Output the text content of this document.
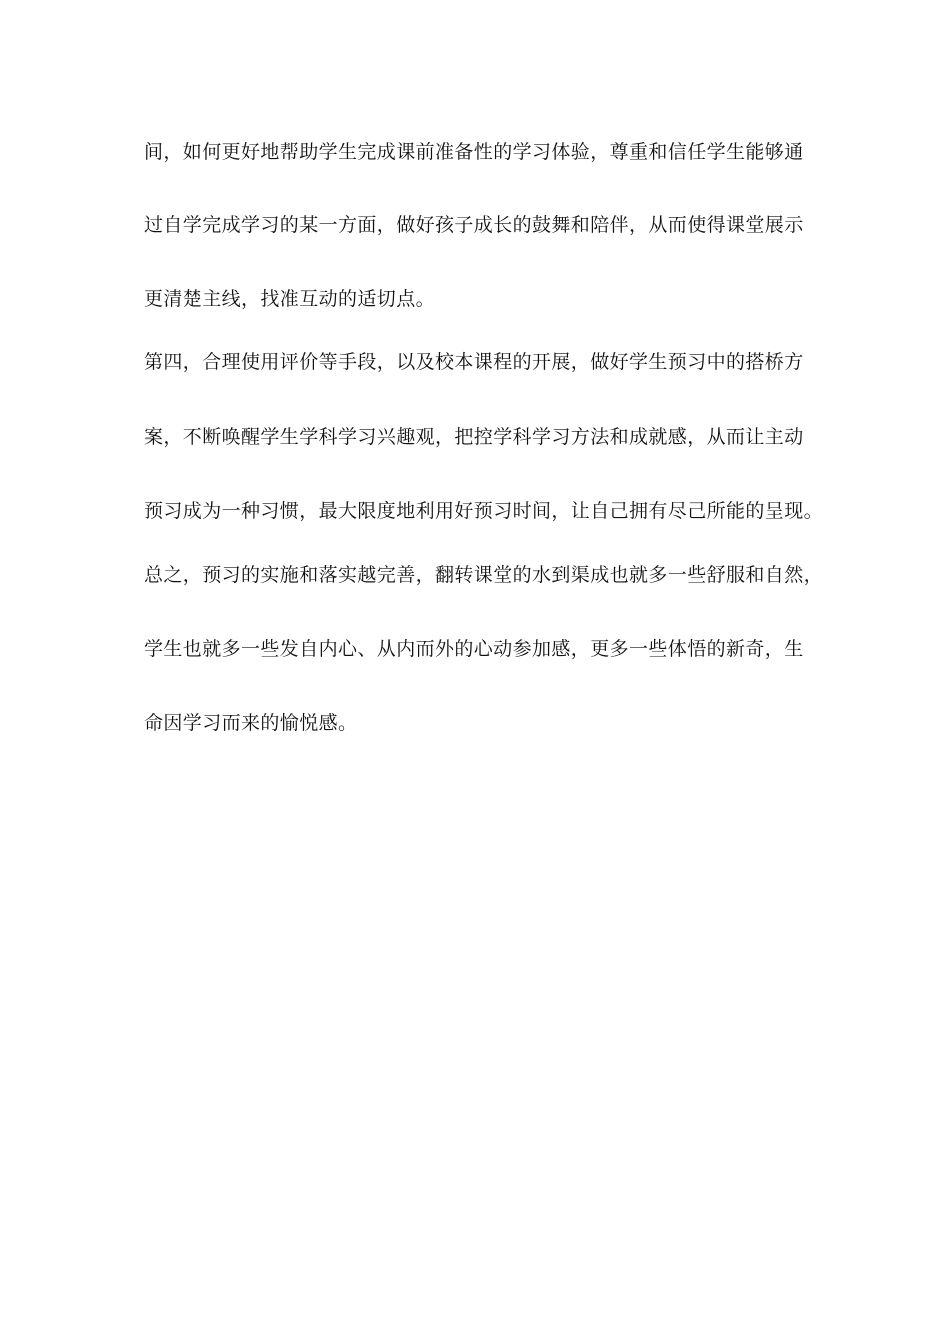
间，如何更好地帮助学生完成课前准备性的学习体验，尊重和信任学生能够通
过自学完成学习的某一方面，做好孩子成长的鼓舞和陪伴，从而使得课堂展示
更清楚主线，找准互动的适切点。
第四，合理使用评价等手段，以及校本课程的开展，做好学生预习中的搭桥方
案，不断唤醒学生学科学习兴趣观，把控学科学习方法和成就感，从而让主动
预习成为一种习惯，最大限度地利用好预习时间，让自己拥有尽己所能的呈现。
总之，预习的实施和落实越完善，翻转课堂的水到渠成也就多一些舒服和自然，
学生也就多一些发自内心、从内而外的心动参加感，更多一些体悟的新奇，生
命因学习而来的愉悦感。
